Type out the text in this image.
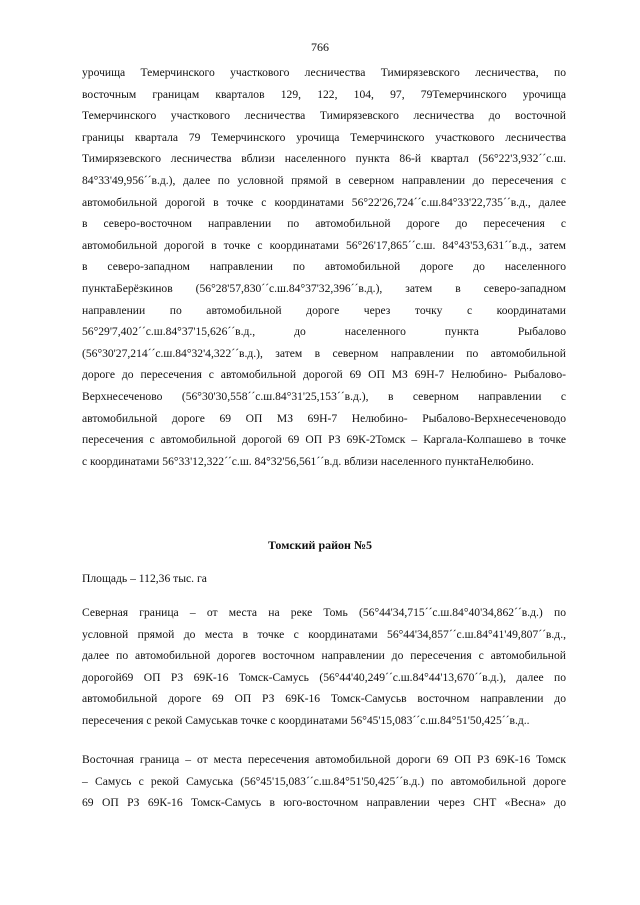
766
урочища Темерчинского участкового лесничества Тимирязевского лесничества, по
восточным границам кварталов 129, 122, 104, 97, 79Темерчинского урочища
Темерчинского участкового лесничества Тимирязевского лесничества до восточной
границы квартала 79 Темерчинского урочища Темерчинского участкового лесничества
Тимирязевского лесничества вблизи населенного пункта 86-й квартал (56°22'3,932´´с.ш.
84°33'49,956´´в.д.), далее по условной прямой в северном направлении до пересечения с
автомобильной дорогой в точке с координатами 56°22'26,724´´с.ш.84°33'22,735´´в.д., далее
в северо-восточном направлении по автомобильной дороге до пересечения с
автомобильной дорогой в точке с координатами 56°26'17,865´´с.ш. 84°43'53,631´´в.д., затем
в северо-западном направлении по автомобильной дороге до населенного
пунктаБерёзкинов (56°28'57,830´´с.ш.84°37'32,396´´в.д.), затем в северо-западном
направлении по автомобильной дороге через точку с координатами
56°29'7,402´´с.ш.84°37'15,626´´в.д., до населенного пункта Рыбалово
(56°30'27,214´´с.ш.84°32'4,322´´в.д.), затем в северном направлении по автомобильной
дороге до пересечения с автомобильной дорогой 69 ОП МЗ 69Н-7 Нелюбино- Рыбалово-
Верхнесеченово (56°30'30,558´´с.ш.84°31'25,153´´в.д.), в северном направлении с
автомобильной дороге 69 ОП МЗ 69Н-7 Нелюбино- Рыбалово-Верхнесеченоводо
пересечения с автомобильной дорогой 69 ОП РЗ 69К-2Томск – Каргала-Колпашево в точке
с координатами 56°33'12,322´´с.ш. 84°32'56,561´´в.д. вблизи населенного пунктаНелюбино.
Томский район №5
Площадь – 112,36 тыс. га
Северная граница – от места на реке Томь (56°44'34,715´´с.ш.84°40'34,862´´в.д.) по
условной прямой до места в точке с координатами 56°44'34,857´´с.ш.84°41'49,807´´в.д.,
далее по автомобильной дорогев восточном направлении до пересечения с автомобильной
дорогой69 ОП РЗ 69К-16 Томск-Самусь (56°44'40,249´´с.ш.84°44'13,670´´в.д.), далее по
автомобильной дороге 69 ОП РЗ 69К-16 Томск-Самусьв восточном направлении до
пересечения с рекой Самуськав точке с координатами 56°45'15,083´´с.ш.84°51'50,425´´в.д..
Восточная граница – от места пересечения автомобильной дороги 69 ОП РЗ 69К-16 Томск
– Самусь с рекой Самуська (56°45'15,083´´с.ш.84°51'50,425´´в.д.) по автомобильной дороге
69 ОП РЗ 69К-16 Томск-Самусь в юго-восточном направлении через СНТ «Весна» до
